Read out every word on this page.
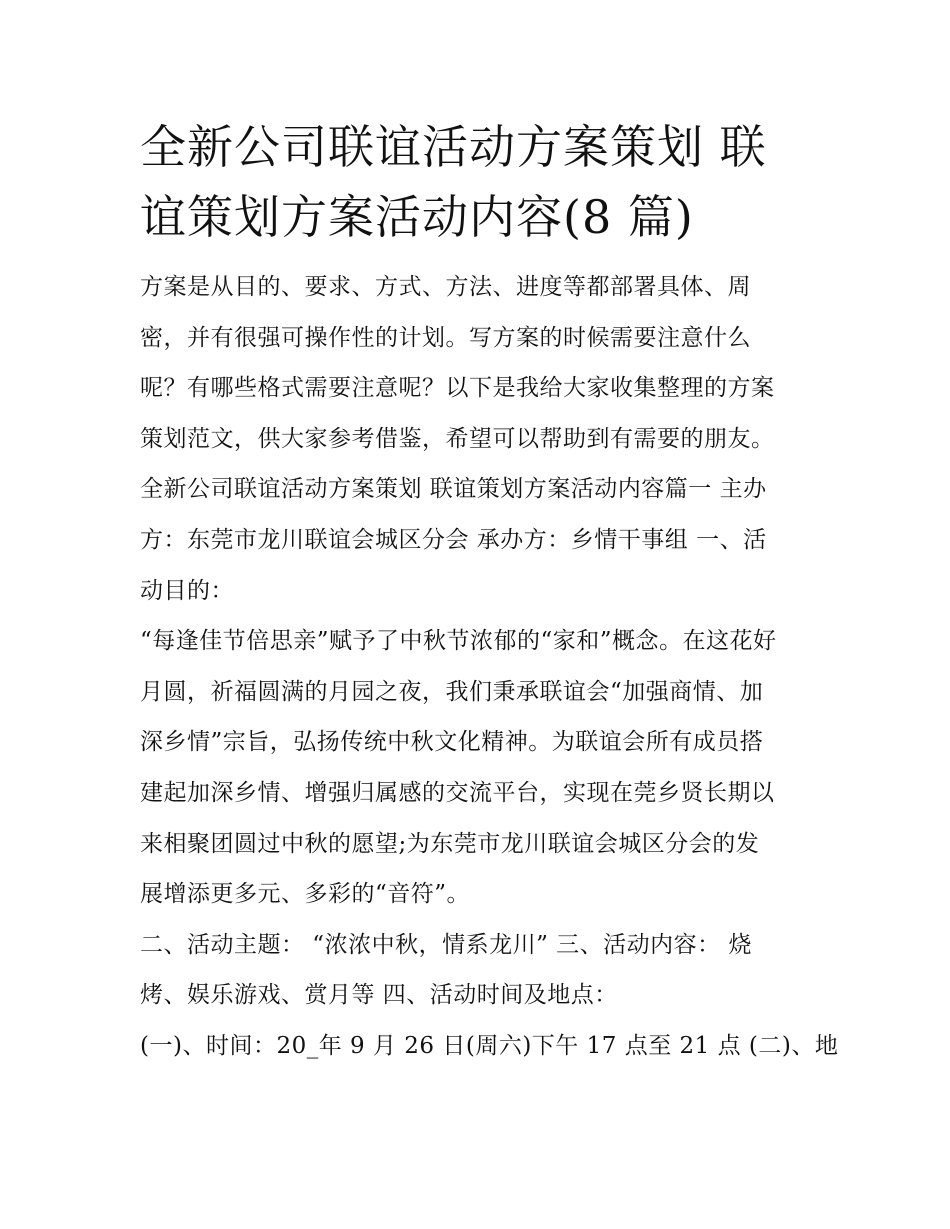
全新公司联谊活动方案策划 联
谊策划方案活动内容(8 篇)
方案是从目的、要求、方式、方法、进度等都部署具体、周
密，并有很强可操作性的计划。写方案的时候需要注意什么
呢？有哪些格式需要注意呢？以下是我给大家收集整理的方案
策划范文，供大家参考借鉴，希望可以帮助到有需要的朋友。
全新公司联谊活动方案策划 联谊策划方案活动内容篇一 主办
方：东莞市龙川联谊会城区分会 承办方：乡情干事组 一、活
动目的：
“每逢佳节倍思亲”赋予了中秋节浓郁的“家和”概念。在这花好
月圆，祈福圆满的月园之夜，我们秉承联谊会“加强商情、加
深乡情”宗旨，弘扬传统中秋文化精神。为联谊会所有成员搭
建起加深乡情、增强归属感的交流平台，实现在莞乡贤长期以
来相聚团圆过中秋的愿望;为东莞市龙川联谊会城区分会的发
展增添更多元、多彩的“音符”。
二、活动主题： “浓浓中秋，情系龙川” 三、活动内容： 烧
烤、娱乐游戏、赏月等 四、活动时间及地点：
(一)、时间：20_年 9 月 26 日(周六)下午 17 点至 21 点 (二)、地
